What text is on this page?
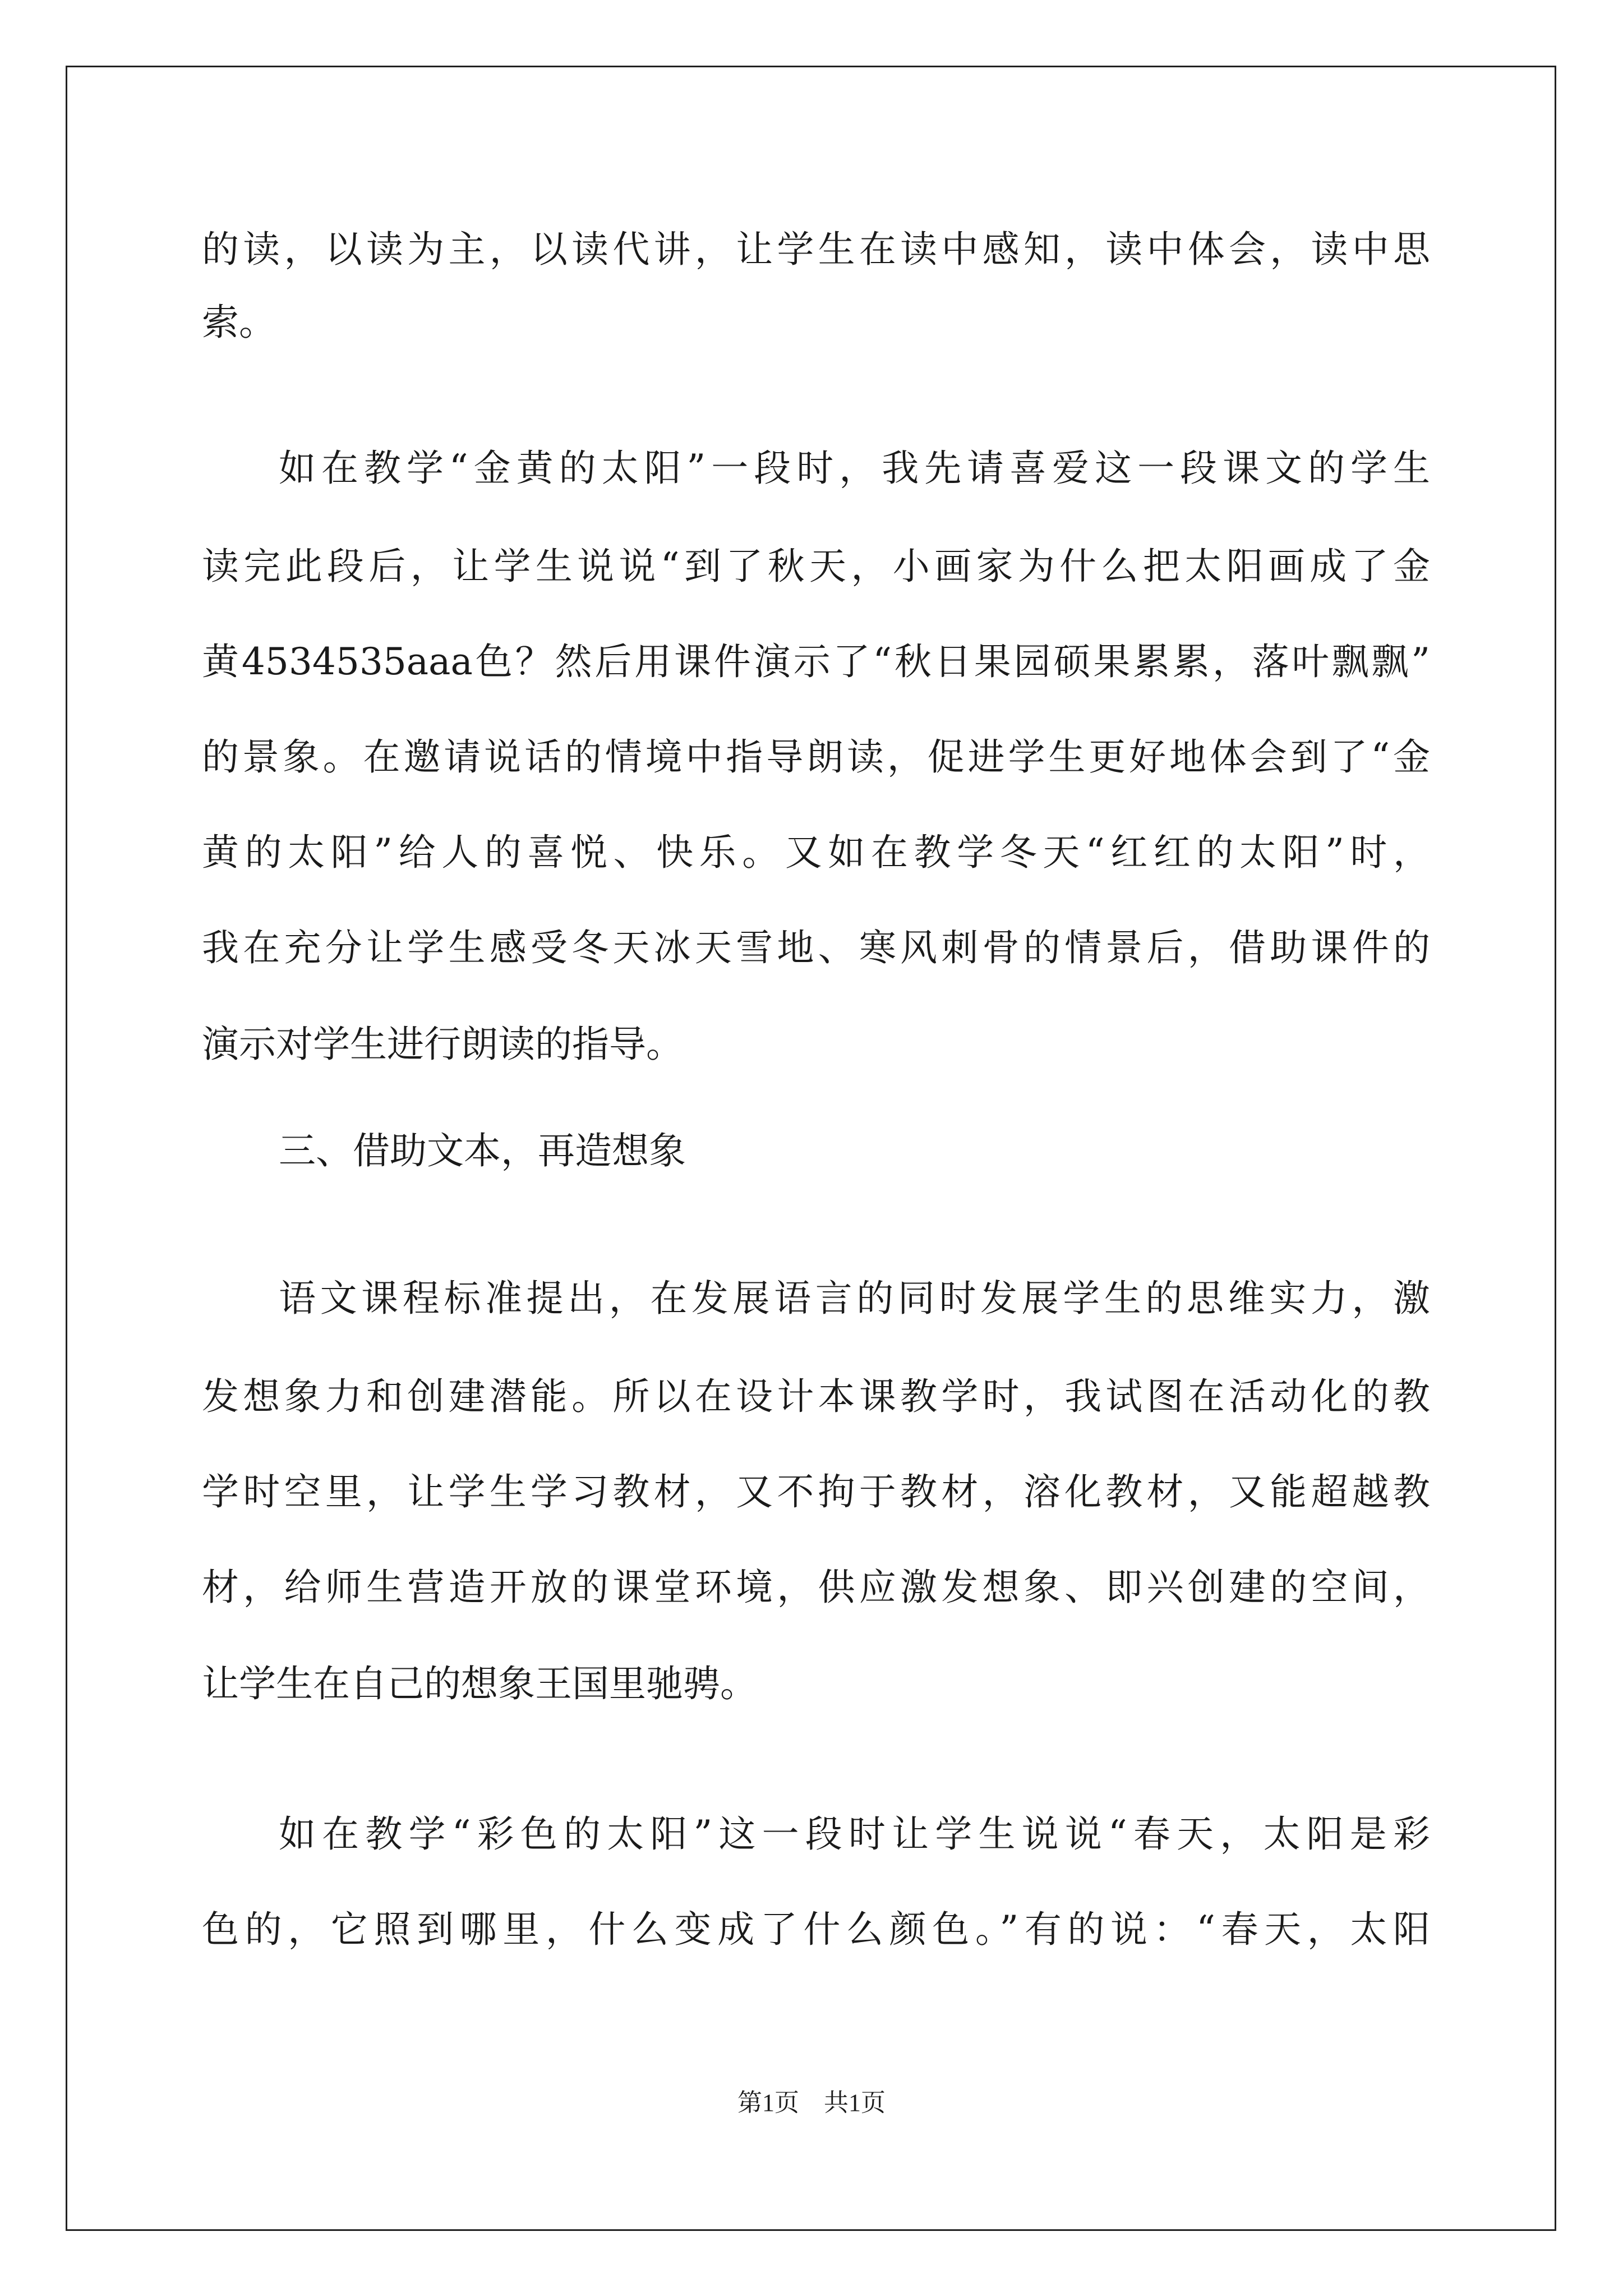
的读，以读为主，以读代讲，让学生在读中感知，读中体会，读中思
索。
如在教学“金黄的太阳”一段时，我先请喜爱这一段课文的学生
读完此段后，让学生说说“到了秋天，小画家为什么把太阳画成了金
黄4534535aaa色？然后用课件演示了“秋日果园硕果累累，落叶飘飘”
的景象。在邀请说话的情境中指导朗读，促进学生更好地体会到了“金
黄的太阳”给人的喜悦、快乐。又如在教学冬天“红红的太阳”时，
我在充分让学生感受冬天冰天雪地、寒风刺骨的情景后，借助课件的
演示对学生进行朗读的指导。
三、借助文本，再造想象
语文课程标准提出，在发展语言的同时发展学生的思维实力，激
发想象力和创建潜能。所以在设计本课教学时，我试图在活动化的教
学时空里，让学生学习教材，又不拘于教材，溶化教材，又能超越教
材，给师生营造开放的课堂环境，供应激发想象、即兴创建的空间，
让学生在自己的想象王国里驰骋。
如在教学“彩色的太阳”这一段时让学生说说“春天，太阳是彩
色的，它照到哪里，什么变成了什么颜色。”有的说：“春天，太阳
第1页　共1页
